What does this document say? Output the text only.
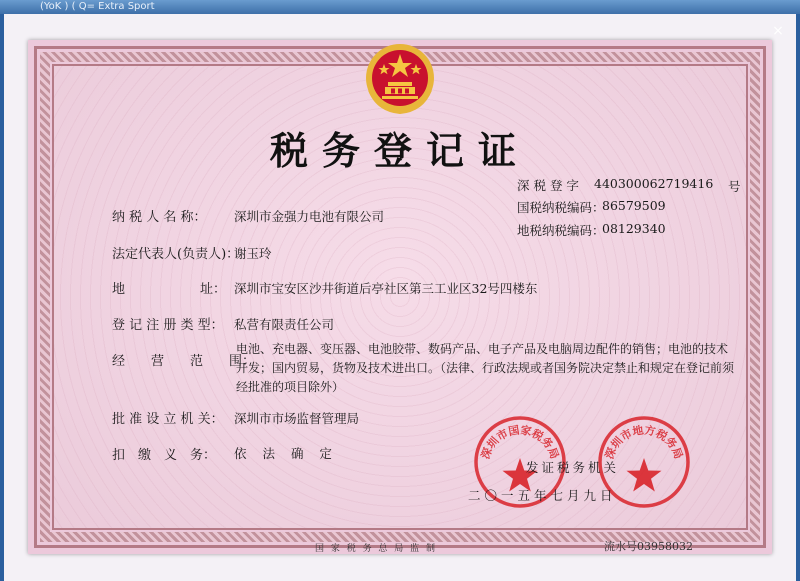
(YoK ) ( Q= Extra Sport
×
税务登记证
深 税 登 字 440300062719416 号
国税纳税编码：
86579509
地税纳税编码：
08129340
纳 税 人 名 称： 深圳市金强力电池有限公司
法定代表人(负责人)：
谢玉玲
地	址： 深圳市宝安区沙井街道后亭社区第三工业区32号四楼东
登 记 注 册 类 型： 私营有限责任公司
经　　营　　范　　围：
电池、充电器、变压器、电池胶带、数码产品、电子产品及电脑周边配件的销售；电池的技术开发；国内贸易，货物及技术进出口。（法律、行政法规或者国务院决定禁止和规定在登记前须经批准的项目除外）
批 准 设 立 机 关： 深圳市市场监督管理局
扣　缴　义　务： 依 法 确 定	深圳市国家税务局	深圳市地方税务局
发证税务机关
二〇一五年七月九日
国 家 税 务 总 局 监 制	流水号03958032
